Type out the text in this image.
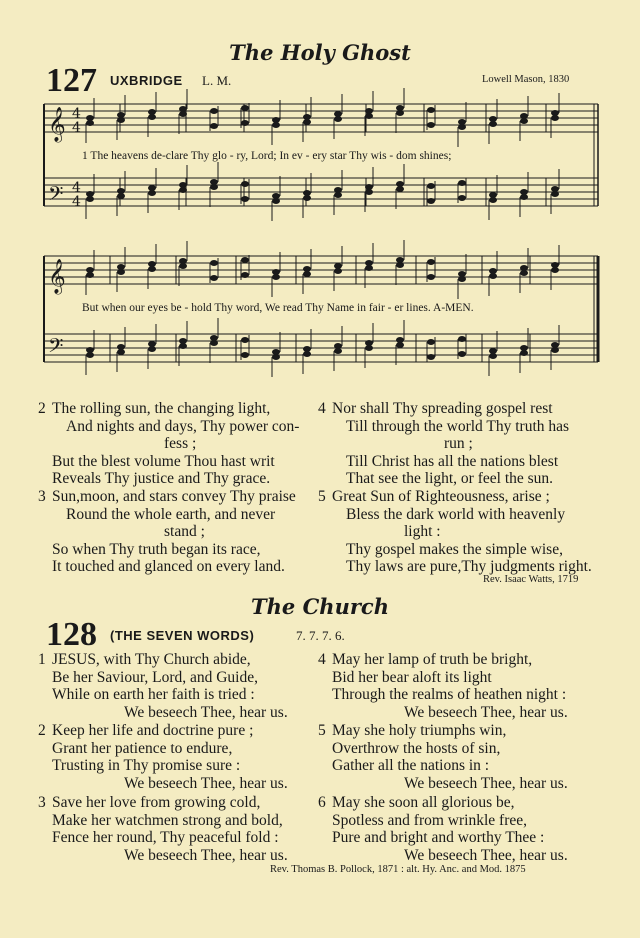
The Holy Ghost
127 UXBRIDGE L. M.	Lowell Mason, 1830
𝄞 4
4
𝄢 4
4
𝄞
𝄢
1 The heavens de-clare Thy glo - ry, Lord; In ev - ery star Thy wis - dom shines;
But when our eyes be - hold Thy word, We read Thy Name in fair - er lines. A-MEN.
2 The rolling sun, the changing light,
And nights and days, Thy power con-
fess ;
But the blest volume Thou hast writ
Reveals Thy justice and Thy grace.
3 Sun,moon, and stars convey Thy praise
Round the whole earth, and never
stand ;
So when Thy truth began its race,
It touched and glanced on every land.
4 Nor shall Thy spreading gospel rest
Till through the world Thy truth has
run ;
Till Christ has all the nations blest
That see the light, or feel the sun.
5 Great Sun of Righteousness, arise ;
Bless the dark world with heavenly
light :
Thy gospel makes the simple wise,
Thy laws are pure,Thy judgments right.
Rev. Isaac Watts, 1719
The Church
128 (THE SEVEN WORDS)	7. 7. 7. 6.
1 JESUS, with Thy Church abide,
Be her Saviour, Lord, and Guide,
While on earth her faith is tried :
We beseech Thee, hear us.
2 Keep her life and doctrine pure ;
Grant her patience to endure,
Trusting in Thy promise sure :
We beseech Thee, hear us.
3 Save her love from growing cold,
Make her watchmen strong and bold,
Fence her round, Thy peaceful fold :
We beseech Thee, hear us.
4 May her lamp of truth be bright,
Bid her bear aloft its light
Through the realms of heathen night :
We beseech Thee, hear us.
5 May she holy triumphs win,
Overthrow the hosts of sin,
Gather all the nations in :
We beseech Thee, hear us.
6 May she soon all glorious be,
Spotless and from wrinkle free,
Pure and bright and worthy Thee :
We beseech Thee, hear us.
Rev. Thomas B. Pollock, 1871 : alt. Hy. Anc. and Mod. 1875
